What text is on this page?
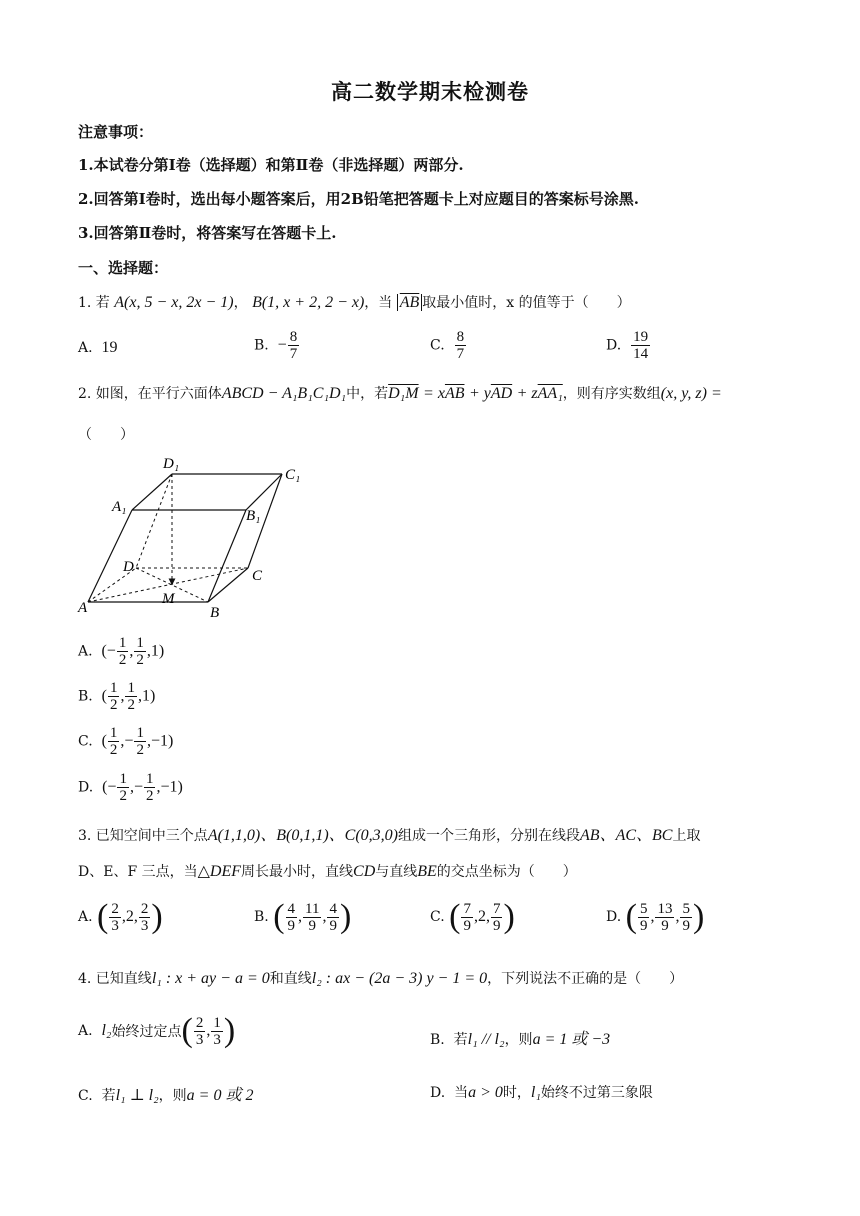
高二数学期末检测卷
注意事项：
1.本试卷分第Ⅰ卷（选择题）和第Ⅱ卷（非选择题）两部分.
2.回答第Ⅰ卷时，选出每小题答案后，用2B铅笔把答题卡上对应题目的答案标号涂黑.
3.回答第Ⅱ卷时，将答案写在答题卡上.
一、选择题：
1. 若 A(x, 5 − x, 2x − 1)， B(1, x + 2, 2 − x)，当 $\overline{AB}$ 取最小值时，x 的值等于（　　）
A. 19	B. − $\frac{8}{7}$	C. $\frac{8}{7}$	D. $\frac{19}{14}$
2. 如图，在平行六面体ABCD − A₁B₁C₁D₁中，若$D_1M = x\overline{AB} + y\overline{AD} + zAA_1$，则有序实数组(x, y, z) =
（　　）
D₁
C₁
A₁
B₁
D
C
A	B
M
A. (− $\frac{1}{2}$ , $\frac{1}{2} ,1$)
B. ( $\frac{1}{2}$ , $\frac{1}{2} ,1$)
C. ( $\frac{1}{2}$ ,− $\frac{1}{2} ,-1$)
D. (− $\frac{1}{2}$ ,− $\frac{1}{2} ,-1$)
3. 已知空间中三个点A(1,1,0)、B(0,1,1)、C(0,3,0)组成一个三角形，分别在线段AB、AC、BC上取
D、E、F 三点，当△DEF周长最小时，直线CD与直线BE的交点坐标为（　　）
A. ( $\frac{2}{3} ,2$, $\frac{2}{3}$ )	B. ( $\frac{4}{9}$ , $\frac{11}{9}$ , $\frac{4}{9}$ )	C. ( $\frac{7}{9} ,2$, $\frac{7}{9}$ )	D. ( $\frac{5}{9}$ , $\frac{13}{9}$ , $\frac{5}{9}$ )
4. 已知直线l₁ : x + ay − a = 0和直线l₂ : ax − (2a − 3) y − 1 = 0，下列说法不正确的是（　　）
A. l₂始终过定点( $\frac{2}{3}$ , $\frac{1}{3}$ )	B. 若l₁ // l₂，则a = 1 或 −3
C. 若l₁ ⊥ l₂，则a = 0 或 2	D. 当a > 0时，l₁始终不过第三象限
